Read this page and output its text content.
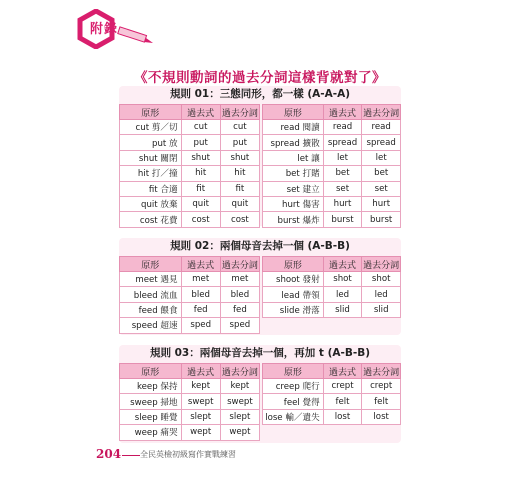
附錄
《不規則動詞的過去分詞這樣背就對了》
規則 01：三態同形，都一樣 (A-A-A)
原形	過去式	過去分詞
cut 剪／切	cut	cut
put 放	put	put
shut 關閉	shut	shut
hit 打／撞	hit	hit
fit 合適	fit	fit
quit 放棄	quit	quit
cost 花費	cost	cost
原形	過去式	過去分詞
read 閱讀	read	read
spread 擴散	spread	spread
let 讓	let	let
bet 打賭	bet	bet
set 建立	set	set
hurt 傷害	hurt	hurt
burst 爆炸	burst	burst
規則 02：兩個母音去掉一個 (A-B-B)
原形	過去式	過去分詞
meet 遇見	met	met
bleed 流血	bled	bled
feed 餵食	fed	fed
speed 超速	sped	sped
原形	過去式	過去分詞
shoot 發射	shot	shot
lead 帶領	led	led
slide 滑落	slid	slid
規則 03：兩個母音去掉一個，再加 t (A-B-B)
原形	過去式	過去分詞
keep 保持	kept	kept
sweep 掃地	swept	swept
sleep 睡覺	slept	slept
weep 痛哭	wept	wept
原形	過去式	過去分詞
creep 爬行	crept	crept
feel 覺得	felt	felt
lose 輸／遺失	lost	lost
204 全民英檢初級寫作實戰練習
